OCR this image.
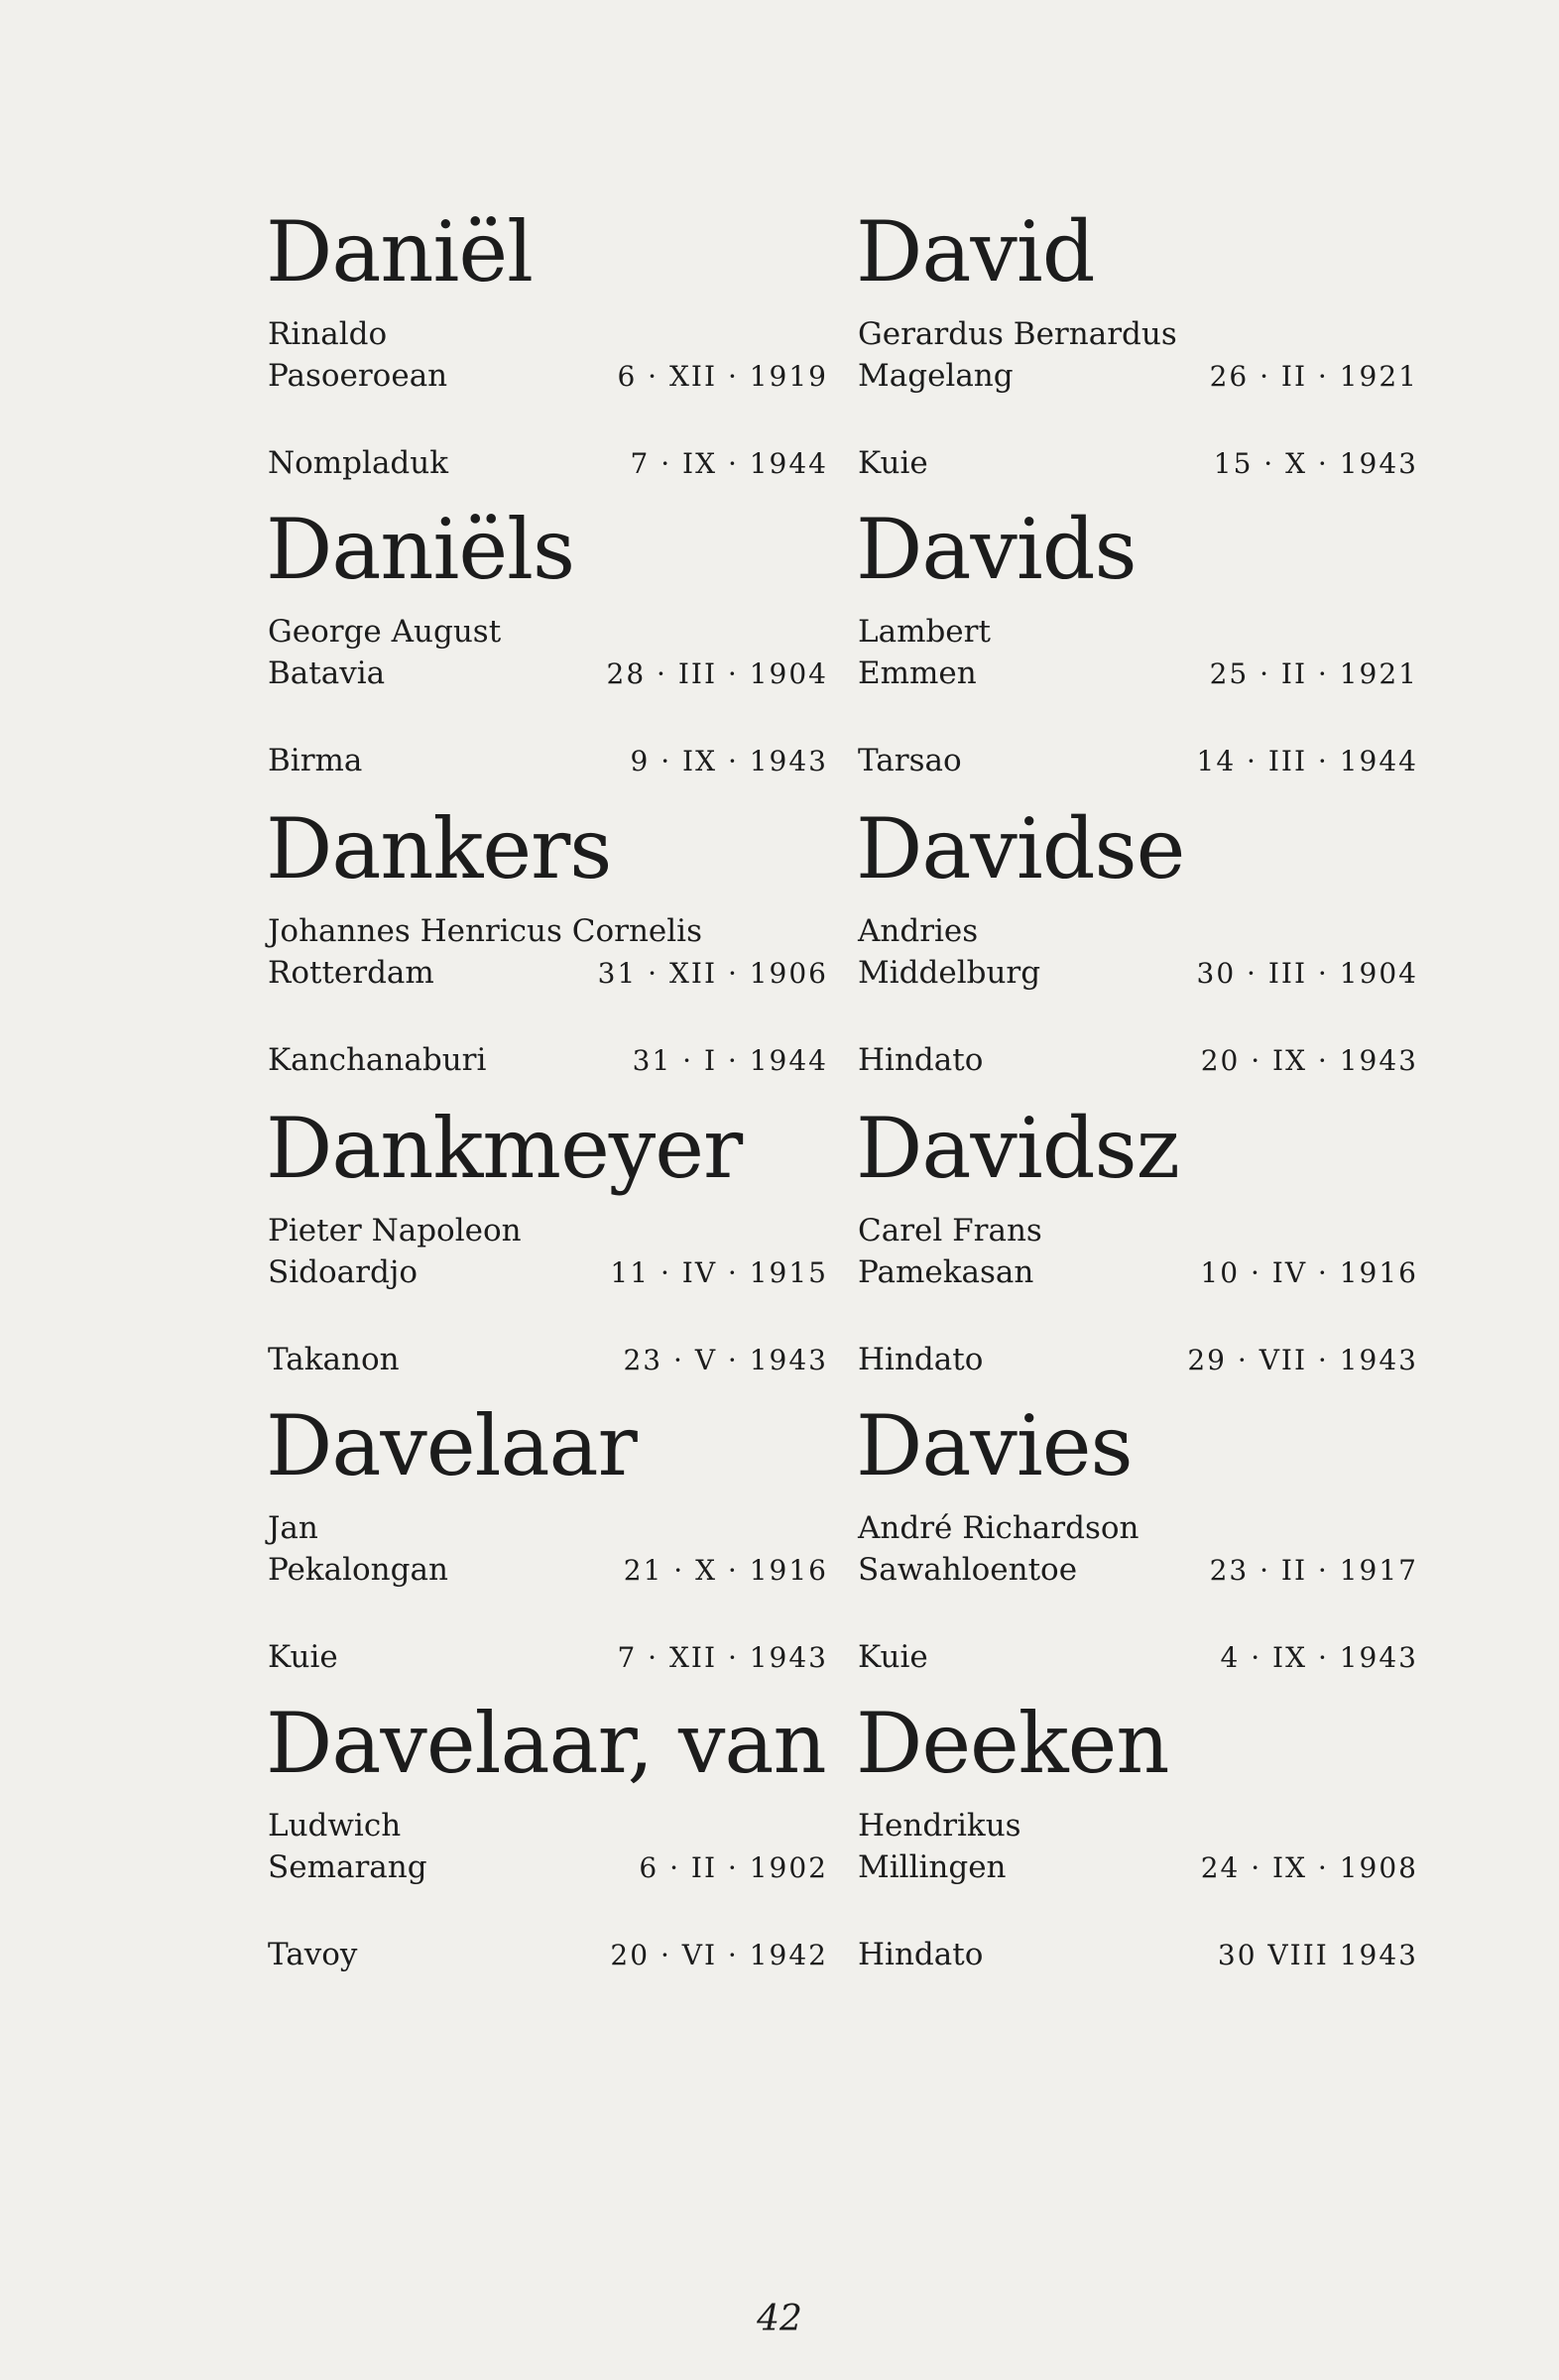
Daniël
Rinaldo
Pasoeroean	6 · XII · 1919
Nompladuk	7 · IX · 1944
Daniëls
George August
Batavia	28 · III · 1904
Birma	9 · IX · 1943
Dankers
Johannes Henricus Cornelis
Rotterdam	31 · XII · 1906
Kanchanaburi	31 · I · 1944
Dankmeyer
Pieter Napoleon
Sidoardjo	11 · IV · 1915
Takanon	23 · V · 1943
Davelaar
Jan
Pekalongan	21 · X · 1916
Kuie	7 · XII · 1943
Davelaar, van
Ludwich
Semarang	6 · II · 1902
Tavoy	20 · VI · 1942
David
Gerardus Bernardus
Magelang	26 · II · 1921
Kuie	15 · X · 1943
Davids
Lambert
Emmen	25 · II · 1921
Tarsao	14 · III · 1944
Davidse
Andries
Middelburg	30 · III · 1904
Hindato	20 · IX · 1943
Davidsz
Carel Frans
Pamekasan	10 · IV · 1916
Hindato	29 · VII · 1943
Davies
André Richardson
Sawahloentoe	23 · II · 1917
Kuie	4 · IX · 1943
Deeken
Hendrikus
Millingen	24 · IX · 1908
Hindato	30 VIII 1943
42
